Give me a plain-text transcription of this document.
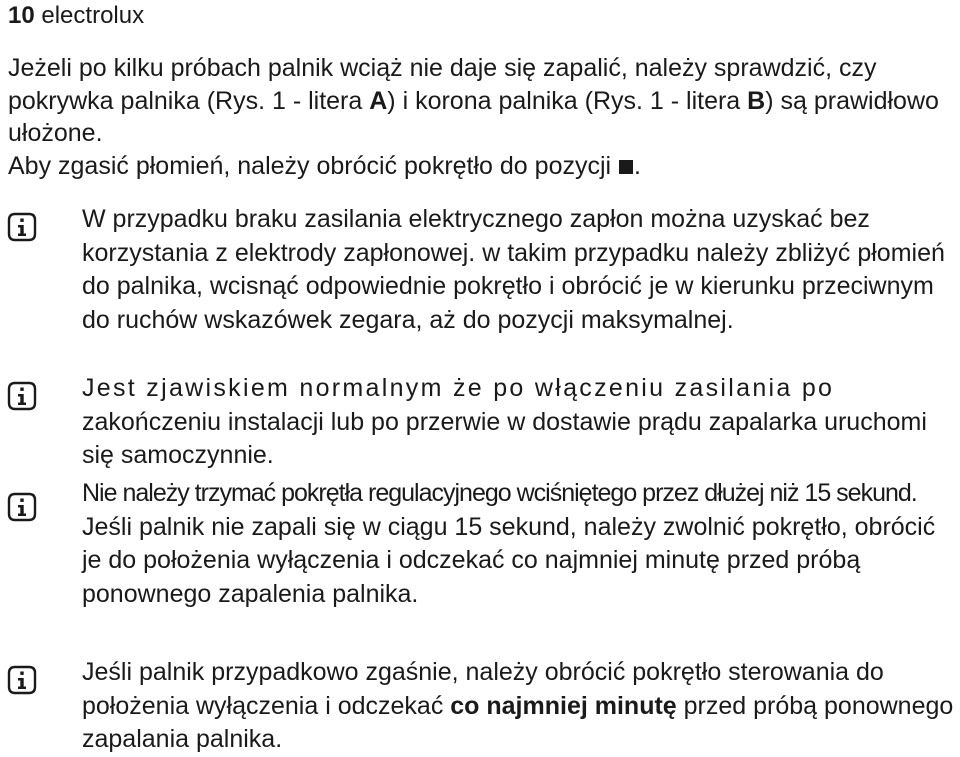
10 electrolux

Jeżeli po kilku próbach palnik wciąż nie daje się zapalić, należy sprawdzić, czy pokrywka palnika (Rys. 1 - litera A) i korona palnika (Rys. 1 - litera B) są prawidłowo ułożone.

Aby zgasić płomień, należy obrócić pokrętło do pozycji .

W przypadku braku zasilania elektrycznego zapłon można uzyskać bez korzystania z elektrody zapłonowej. w takim przypadku należy zbliżyć płomień do palnika, wcisnąć odpowiednie pokrętło i obrócić je w kierunku przeciwnym do ruchów wskazówek zegara, aż do pozycji maksymalnej.

Jest zjawiskiem normalnym że po włączeniu zasilania po

zakończeniu instalacji lub po przerwie w dostawie prądu zapalarka uruchomi się samoczynnie.

Nie należy trzymać pokrętła regulacyjnego wciśniętego przez dłużej niż 15 sekund.

Jeśli palnik nie zapali się w ciągu 15 sekund, należy zwolnić pokrętło, obrócić je do położenia wyłączenia i odczekać co najmniej minutę przed próbą ponownego zapalenia palnika.

Jeśli palnik przypadkowo zgaśnie, należy obrócić pokrętło sterowania do położenia wyłączenia i odczekać co najmniej minutę przed próbą ponownego zapalania palnika.
